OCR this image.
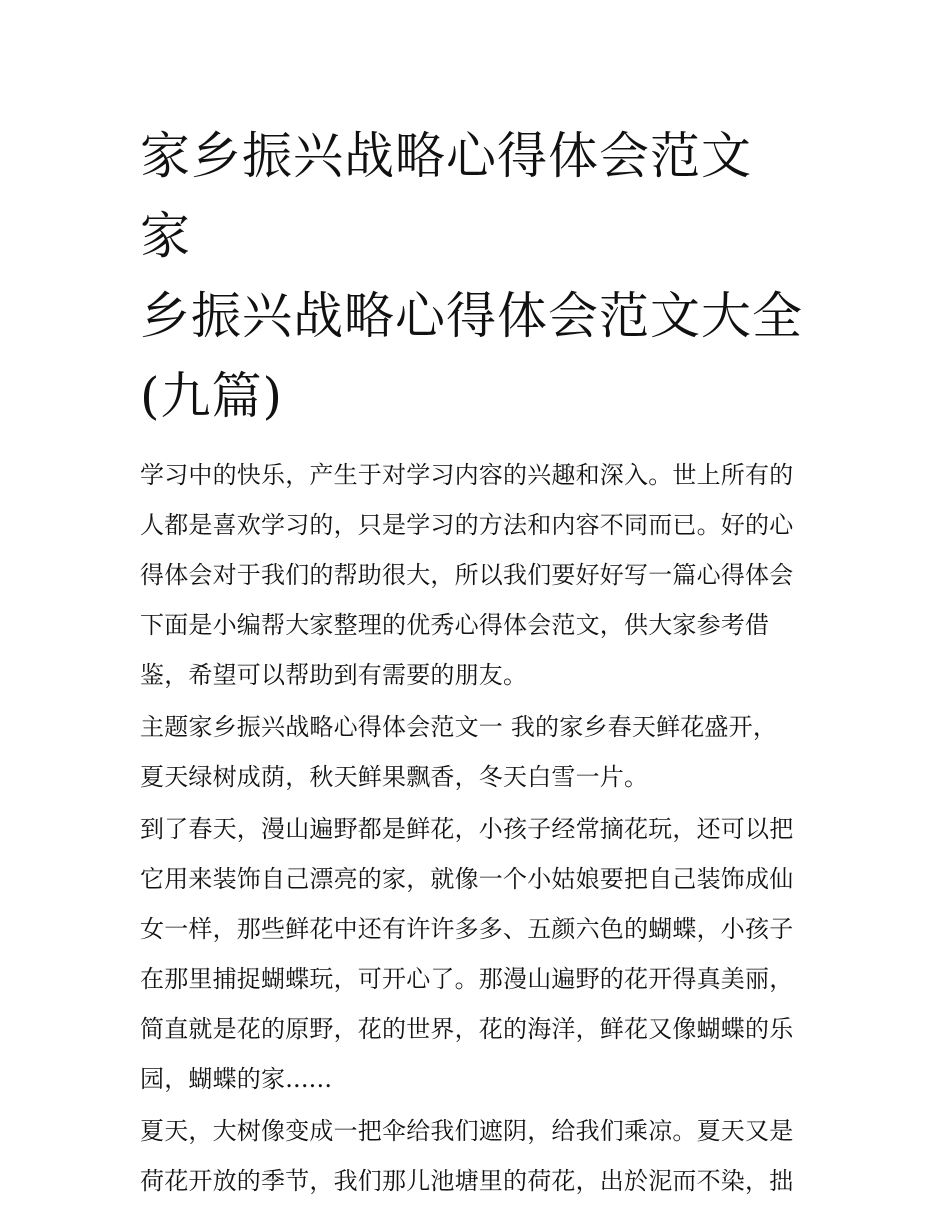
家乡振兴战略心得体会范文 家
乡振兴战略心得体会范文大全
(九篇)

学习中的快乐，产生于对学习内容的兴趣和深入。世上所有的

人都是喜欢学习的，只是学习的方法和内容不同而已。好的心

得体会对于我们的帮助很大，所以我们要好好写一篇心得体会

下面是小编帮大家整理的优秀心得体会范文，供大家参考借

鉴，希望可以帮助到有需要的朋友。

主题家乡振兴战略心得体会范文一 我的家乡春天鲜花盛开，

夏天绿树成荫，秋天鲜果飘香，冬天白雪一片。

到了春天，漫山遍野都是鲜花，小孩子经常摘花玩，还可以把

它用来装饰自己漂亮的家，就像一个小姑娘要把自己装饰成仙

女一样，那些鲜花中还有许许多多、五颜六色的蝴蝶，小孩子

在那里捕捉蝴蝶玩，可开心了。那漫山遍野的花开得真美丽，

简直就是花的原野，花的世界，花的海洋，鲜花又像蝴蝶的乐

园，蝴蝶的家......

夏天，大树像变成一把伞给我们遮阴，给我们乘凉。夏天又是

荷花开放的季节，我们那儿池塘里的荷花，出於泥而不染，拙
